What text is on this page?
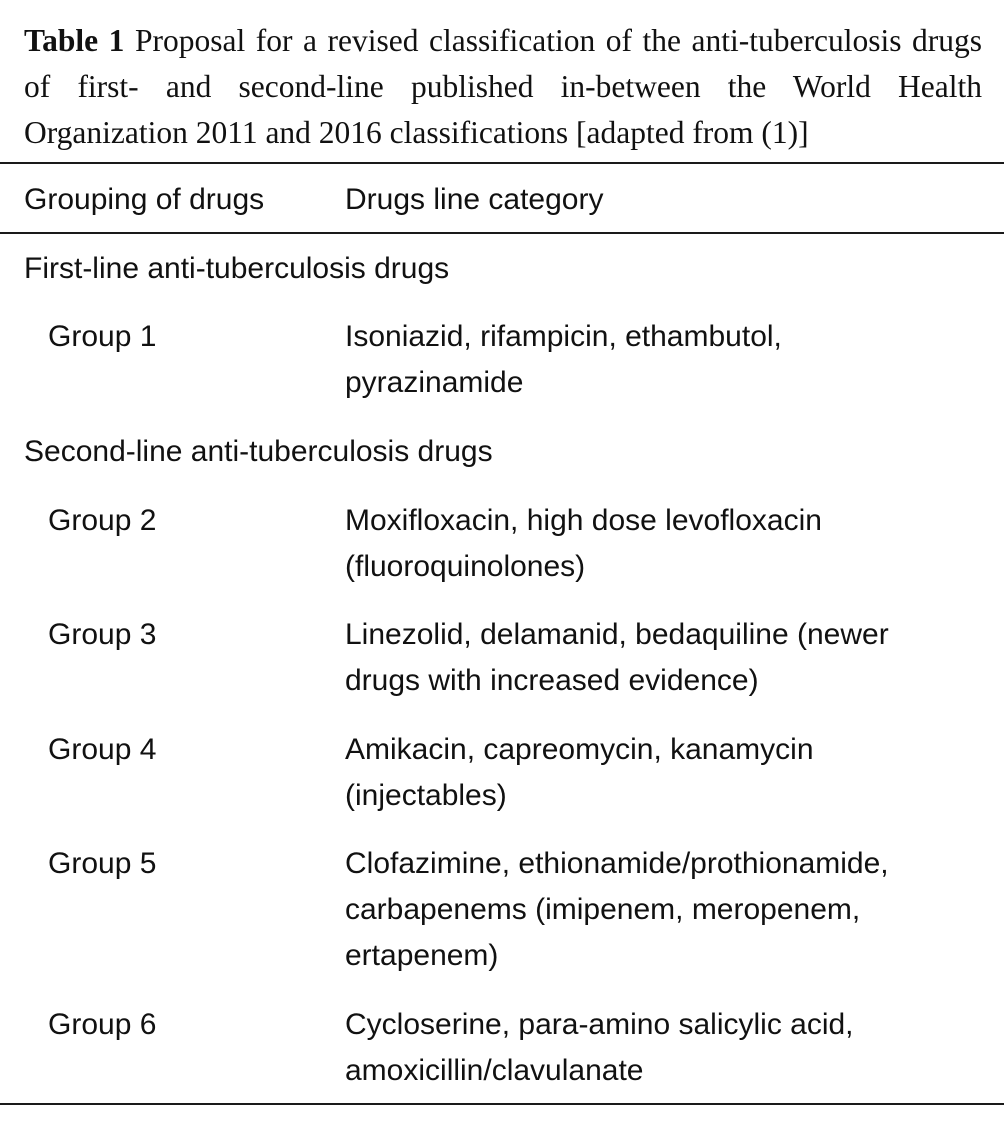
Table 1 Proposal for a revised classification of the anti-tuberculosis drugs of first- and second-line published in-between the World Health Organization 2011 and 2016 classifications [adapted from (1)]

Grouping of drugs	Drugs line category
First-line anti-tuberculosis drugs
Group 1	Isoniazid, rifampicin, ethambutol,
pyrazinamide
Second-line anti-tuberculosis drugs
Group 2	Moxifloxacin, high dose levofloxacin
(fluoroquinolones)
Group 3	Linezolid, delamanid, bedaquiline (newer
drugs with increased evidence)
Group 4	Amikacin, capreomycin, kanamycin
(injectables)
Group 5	Clofazimine, ethionamide/prothionamide,
carbapenems (imipenem, meropenem,
ertapenem)
Group 6	Cycloserine, para-amino salicylic acid,
amoxicillin/clavulanate
